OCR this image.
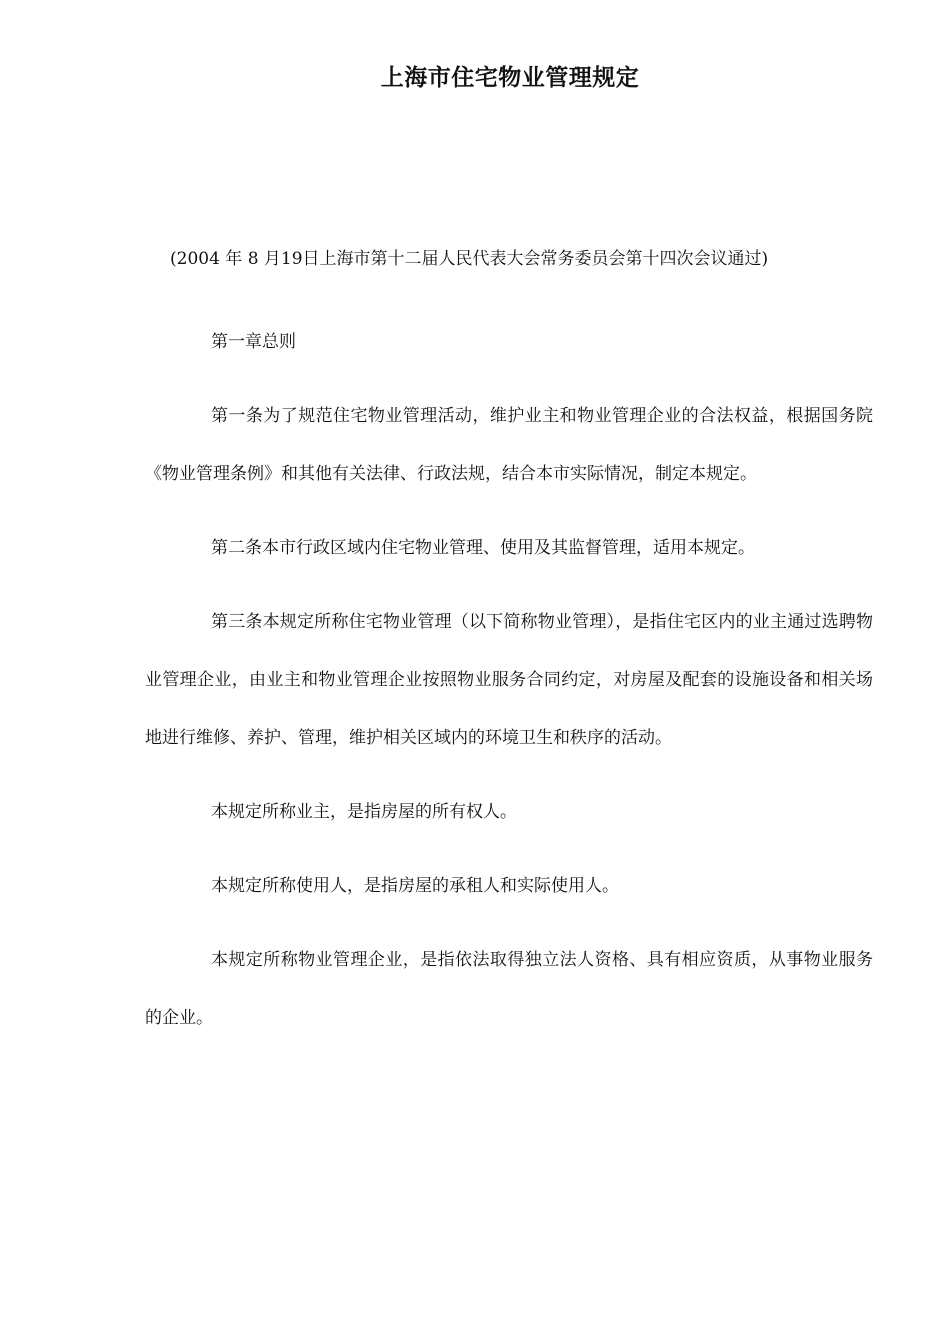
上海市住宅物业管理规定

(2004 年 8 月19日上海市第十二届人民代表大会常务委员会第十四次会议通过)

第一章总则

第一条为了规范住宅物业管理活动，维护业主和物业管理企业的合法权益，根据国务院《物业管理条例》和其他有关法律、行政法规，结合本市实际情况，制定本规定。

第二条本市行政区域内住宅物业管理、使用及其监督管理，适用本规定。

第三条本规定所称住宅物业管理（以下简称物业管理），是指住宅区内的业主通过选聘物业管理企业，由业主和物业管理企业按照物业服务合同约定，对房屋及配套的设施设备和相关场地进行维修、养护、管理，维护相关区域内的环境卫生和秩序的活动。

本规定所称业主，是指房屋的所有权人。

本规定所称使用人，是指房屋的承租人和实际使用人。

本规定所称物业管理企业，是指依法取得独立法人资格、具有相应资质，从事物业服务的企业。
